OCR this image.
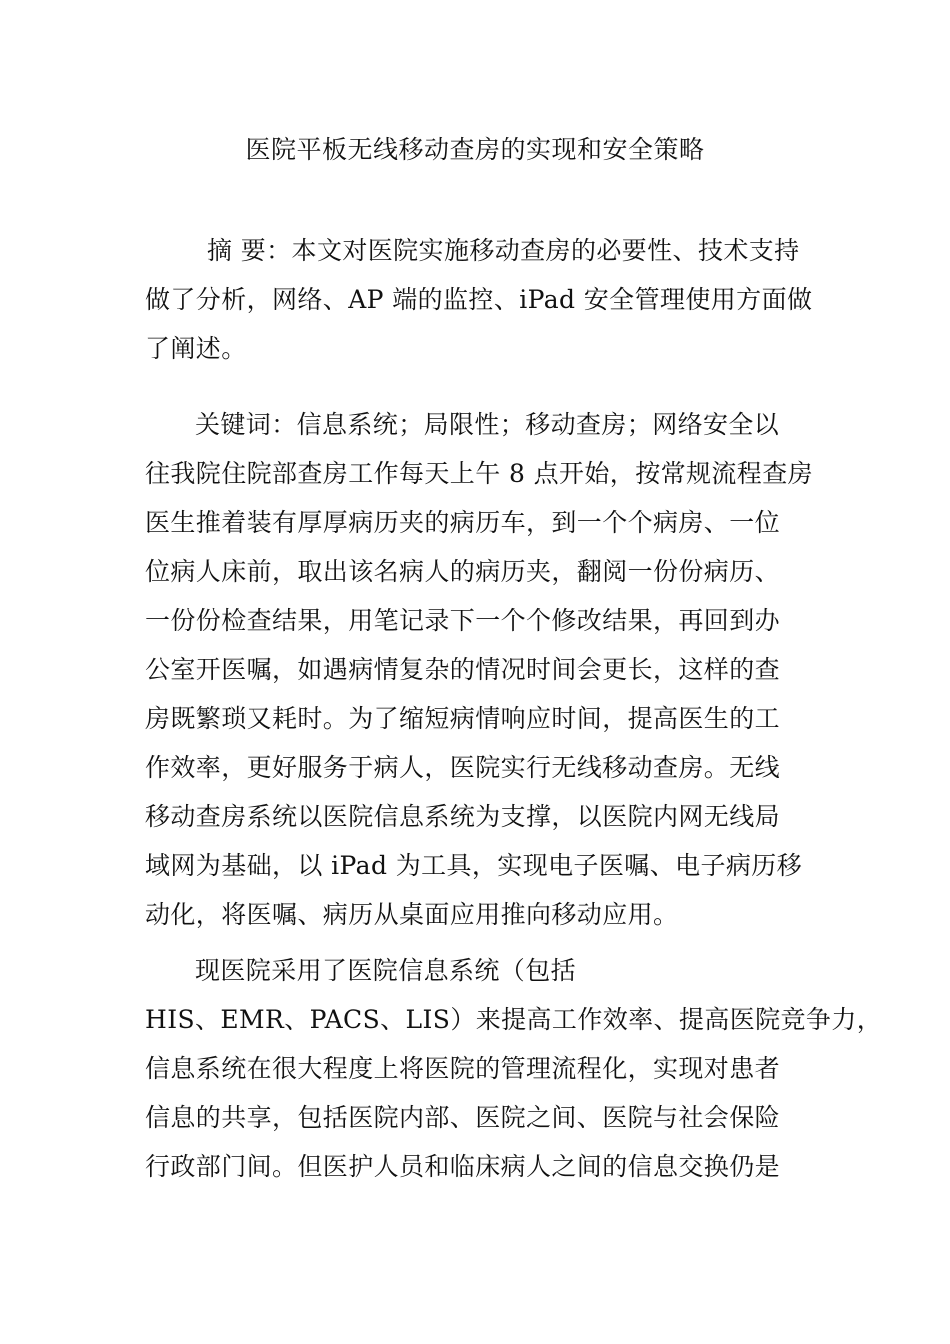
医院平板无线移动查房的实现和安全策略
摘 要：本文对医院实施移动查房的必要性、技术支持
做了分析，网络、AP 端的监控、iPad 安全管理使用方面做
了阐述。
关键词：信息系统；局限性；移动查房；网络安全以
往我院住院部查房工作每天上午 8 点开始，按常规流程查房
医生推着装有厚厚病历夹的病历车，到一个个病房、一位
位病人床前，取出该名病人的病历夹，翻阅一份份病历、
一份份检查结果，用笔记录下一个个修改结果，再回到办
公室开医嘱，如遇病情复杂的情况时间会更长，这样的查
房既繁琐又耗时。为了缩短病情响应时间，提高医生的工
作效率，更好服务于病人，医院实行无线移动查房。无线
移动查房系统以医院信息系统为支撑，以医院内网无线局
域网为基础，以 iPad 为工具，实现电子医嘱、电子病历移
动化，将医嘱、病历从桌面应用推向移动应用。
现医院采用了医院信息系统（包括
HIS、EMR、PACS、LIS）来提高工作效率、提高医院竞争力，
信息系统在很大程度上将医院的管理流程化，实现对患者
信息的共享，包括医院内部、医院之间、医院与社会保险
行政部门间。但医护人员和临床病人之间的信息交换仍是
